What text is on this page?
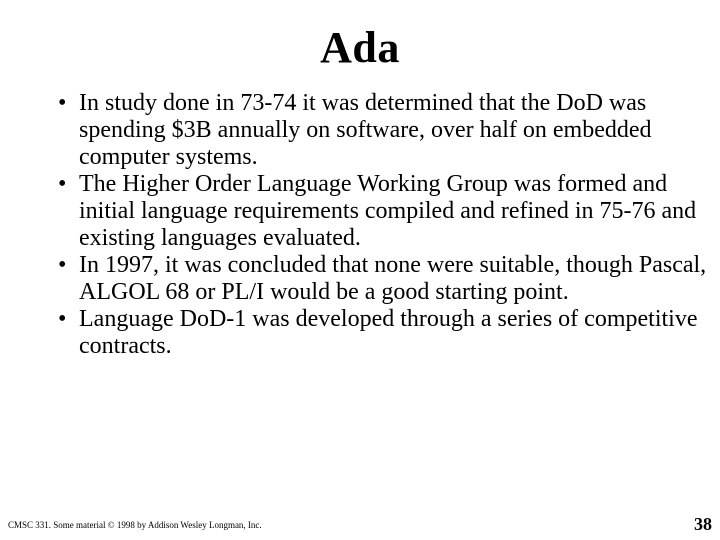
Ada
• In study done in 73-74 it was determined that the DoD was spending $3B annually on software, over half on embedded computer systems.
• The Higher Order Language Working Group was formed and initial language requirements compiled and refined in 75-76 and existing languages evaluated.
• In 1997, it was concluded that none were suitable, though Pascal, ALGOL 68 or PL/I would be a good starting point.
• Language DoD-1 was developed through a series of competitive contracts.
CMSC 331. Some material © 1998 by Addison Wesley Longman, Inc.	38
